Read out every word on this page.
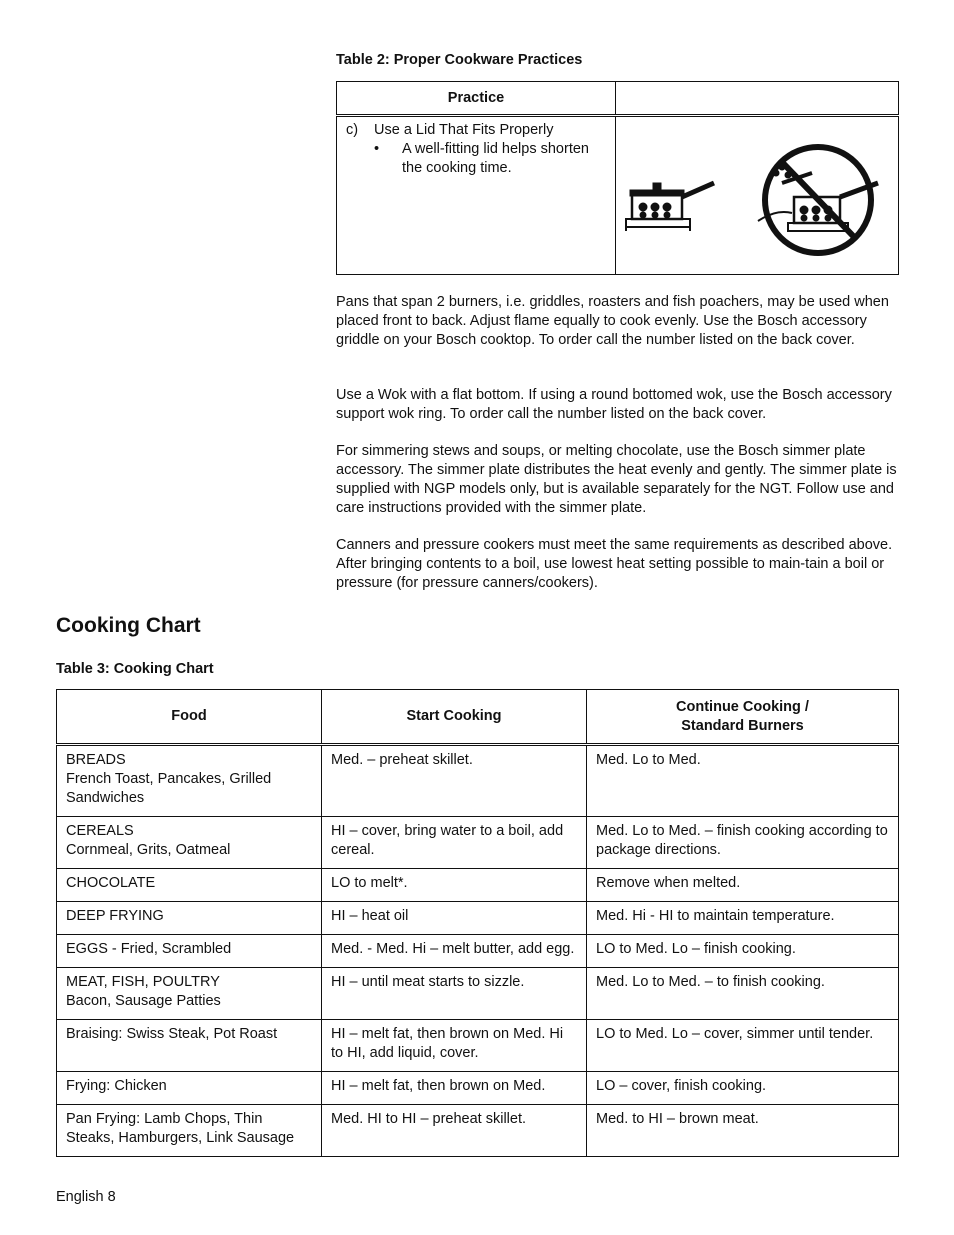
Table 2: Proper Cookware Practices
Practice	

c) Use a Lid That Fits Properly
• A well-fitting lid helps shorten
the cooking time.

Pans that span 2 burners, i.e. griddles, roasters and fish poachers, may be used when placed front to back. Adjust flame equally to cook evenly. Use the Bosch accessory griddle on your Bosch cooktop. To order call the number listed on the back cover.

Use a Wok with a flat bottom. If using a round bottomed wok, use the Bosch accessory support wok ring. To order call the number listed on the back cover.

For simmering stews and soups, or melting chocolate, use the Bosch simmer plate accessory. The simmer plate distributes the heat evenly and gently. The simmer plate is supplied with NGP models only, but is available separately for the NGT. Follow use and care instructions provided with the simmer plate.

Canners and pressure cookers must meet the same requirements as described above. After bringing contents to a boil, use lowest heat setting possible to main-tain a boil or pressure (for pressure canners/cookers).

Cooking Chart
Table 3: Cooking Chart
Food	Start Cooking	Continue Cooking /
Standard Burners

BREADS
French Toast, Pancakes, Grilled Sandwiches	Med. – preheat skillet.	Med. Lo to Med.

CEREALS
Cornmeal, Grits, Oatmeal	HI – cover, bring water to a boil, add cereal.	Med. Lo to Med. – finish cooking according to package directions.

CHOCOLATE	LO to melt*.	Remove when melted.

DEEP FRYING	HI – heat oil	Med. Hi - HI to maintain temperature.

EGGS - Fried, Scrambled	Med. - Med. Hi – melt butter, add egg.	LO to Med. Lo – finish cooking.

MEAT, FISH, POULTRY
Bacon, Sausage Patties	HI – until meat starts to sizzle.	Med. Lo to Med. – to finish cooking.

Braising: Swiss Steak, Pot Roast	HI – melt fat, then brown on Med. Hi to HI, add liquid, cover.	LO to Med. Lo – cover, simmer until tender.

Frying: Chicken	HI – melt fat, then brown on Med.	LO – cover, finish cooking.

Pan Frying: Lamb Chops, Thin Steaks, Hamburgers, Link Sausage	Med. HI to HI – preheat skillet.	Med. to HI – brown meat.
English 8
